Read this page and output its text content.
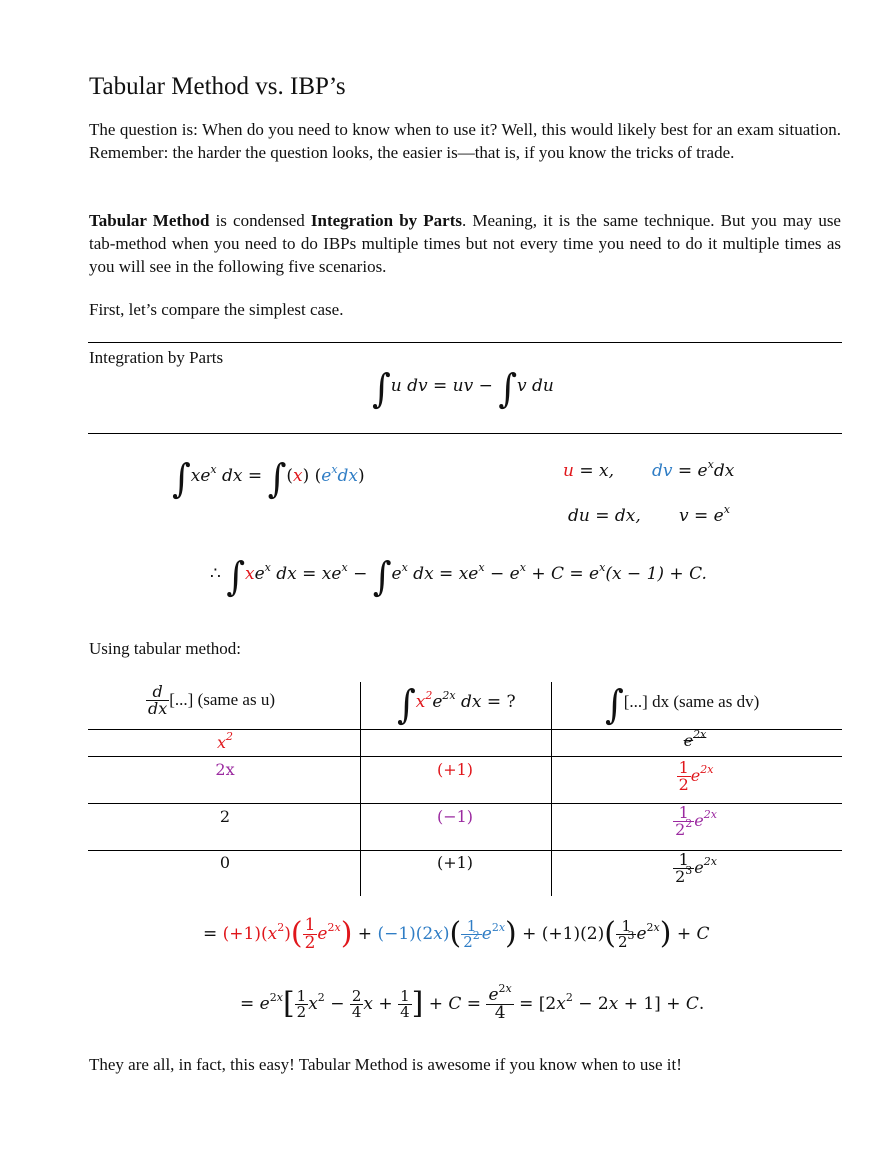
Tabular Method vs. IBP’s
The question is: When do you need to know when to use it? Well, this would likely best for an exam situation. Remember: the harder the question looks, the easier is—that is, if you know the tricks of trade.
Tabular Method is condensed Integration by Parts. Meaning, it is the same technique. But you may use tab-method when you need to do IBPs multiple times but not every time you need to do it multiple times as you will see in the following five scenarios.
First, let’s compare the simplest case.
Integration by Parts
∫u dv = uv − ∫v du
$\int xe^x$ dx = ∫(x) $(e^xdx)$	u = x, dv = $e^xdx$
du = dx, $v = e^x$
∴ $\int xe^x$ dx = $xe^x - \int e^x$ dx = $xe^x - e^x + C = e^x(x - 1) + C$.
Using tabular method:
$\frac{d}{dx}$ [...] (same as u)	$\int x^2e^{2x}$ dx = ? ∫[...] dx (same as dv)
$x^2$
2x
2
0
(+1)
(−1)
(+1)
$e^{2x}$
$\frac{1}{2} e^{2x}$
$\frac{1}{2^2} e^{2x}$
$\frac{1}{2^3} e^{2x}$
= $(+1)(x^2)( \frac{1}{2} e^{2x}) + (-1)(2x)( \frac{1}{2^2} e^{2x}) + (+1)(2)( \frac{1}{2^3} e^{2x}) + C$
= $e^{2x}[ \frac{1}{2} x^2 - \frac{2}{4}$ $x + \frac{1}{4}$ ] + $C = \frac{e^{2x}}{4} = [2x^2 - 2x + 1] + C$.
They are all, in fact, this easy! Tabular Method is awesome if you know when to use it!
